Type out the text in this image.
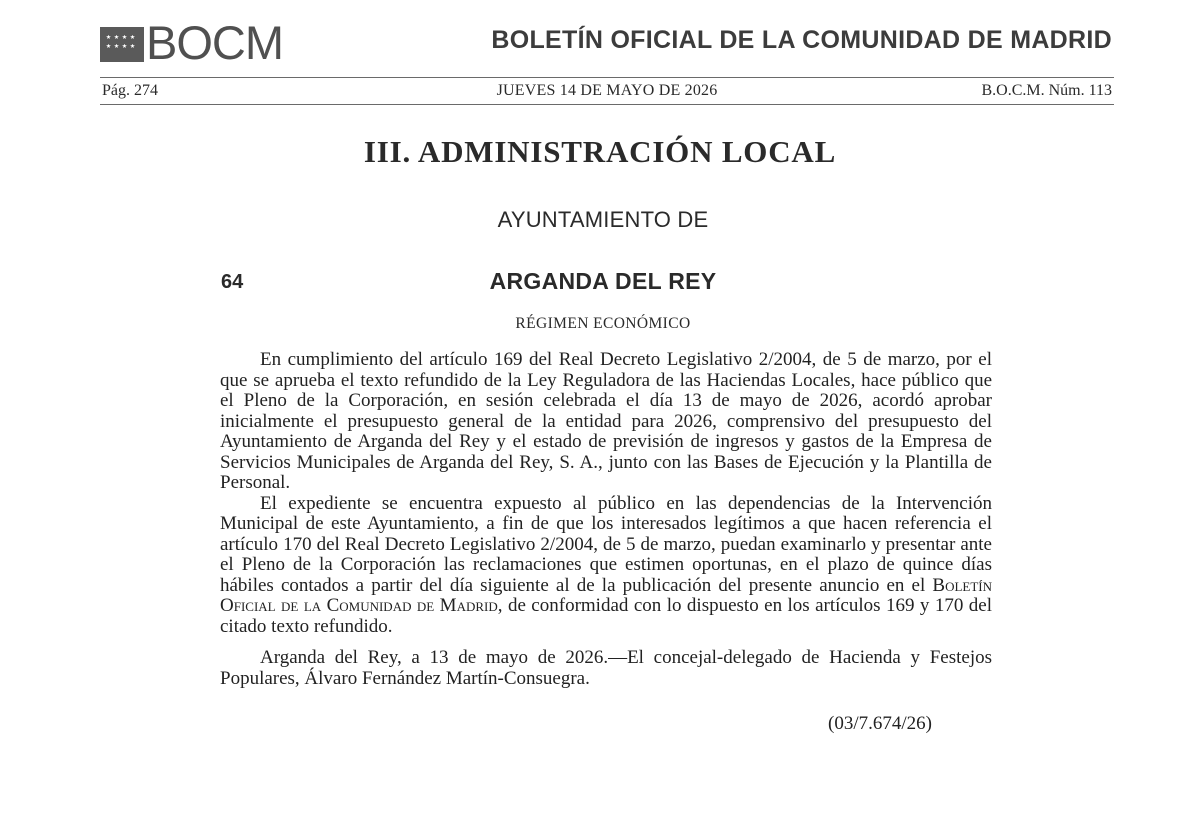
BOCM	BOLETÍN OFICIAL DE LA COMUNIDAD DE MADRID
Pág. 274	JUEVES 14 DE MAYO DE 2026	B.O.C.M. Núm. 113
III. ADMINISTRACIÓN LOCAL
AYUNTAMIENTO DE
64	ARGANDA DEL REY
RÉGIMEN ECONÓMICO

En cumplimiento del artículo 169 del Real Decreto Legislativo 2/2004, de 5 de marzo, por el que se aprueba el texto refundido de la Ley Reguladora de las Haciendas Locales, hace público que el Pleno de la Corporación, en sesión celebrada el día 13 de mayo de 2026, acordó aprobar inicialmente el presupuesto general de la entidad para 2026, comprensivo del presupuesto del Ayuntamiento de Arganda del Rey y el estado de previsión de ingresos y gastos de la Empresa de Servicios Municipales de Arganda del Rey, S. A., junto con las Bases de Ejecución y la Plantilla de Personal.

El expediente se encuentra expuesto al público en las dependencias de la Intervención Municipal de este Ayuntamiento, a fin de que los interesados legítimos a que hacen referencia el artículo 170 del Real Decreto Legislativo 2/2004, de 5 de marzo, puedan examinarlo y presentar ante el Pleno de la Corporación las reclamaciones que estimen oportunas, en el plazo de quince días hábiles contados a partir del día siguiente al de la publicación del presente anuncio en el Boletín Oficial de la Comunidad de Madrid, de conformidad con lo dispuesto en los artículos 169 y 170 del citado texto refundido.

Arganda del Rey, a 13 de mayo de 2026.—El concejal-delegado de Hacienda y Festejos Populares, Álvaro Fernández Martín-Consuegra.

(03/7.674/26)
